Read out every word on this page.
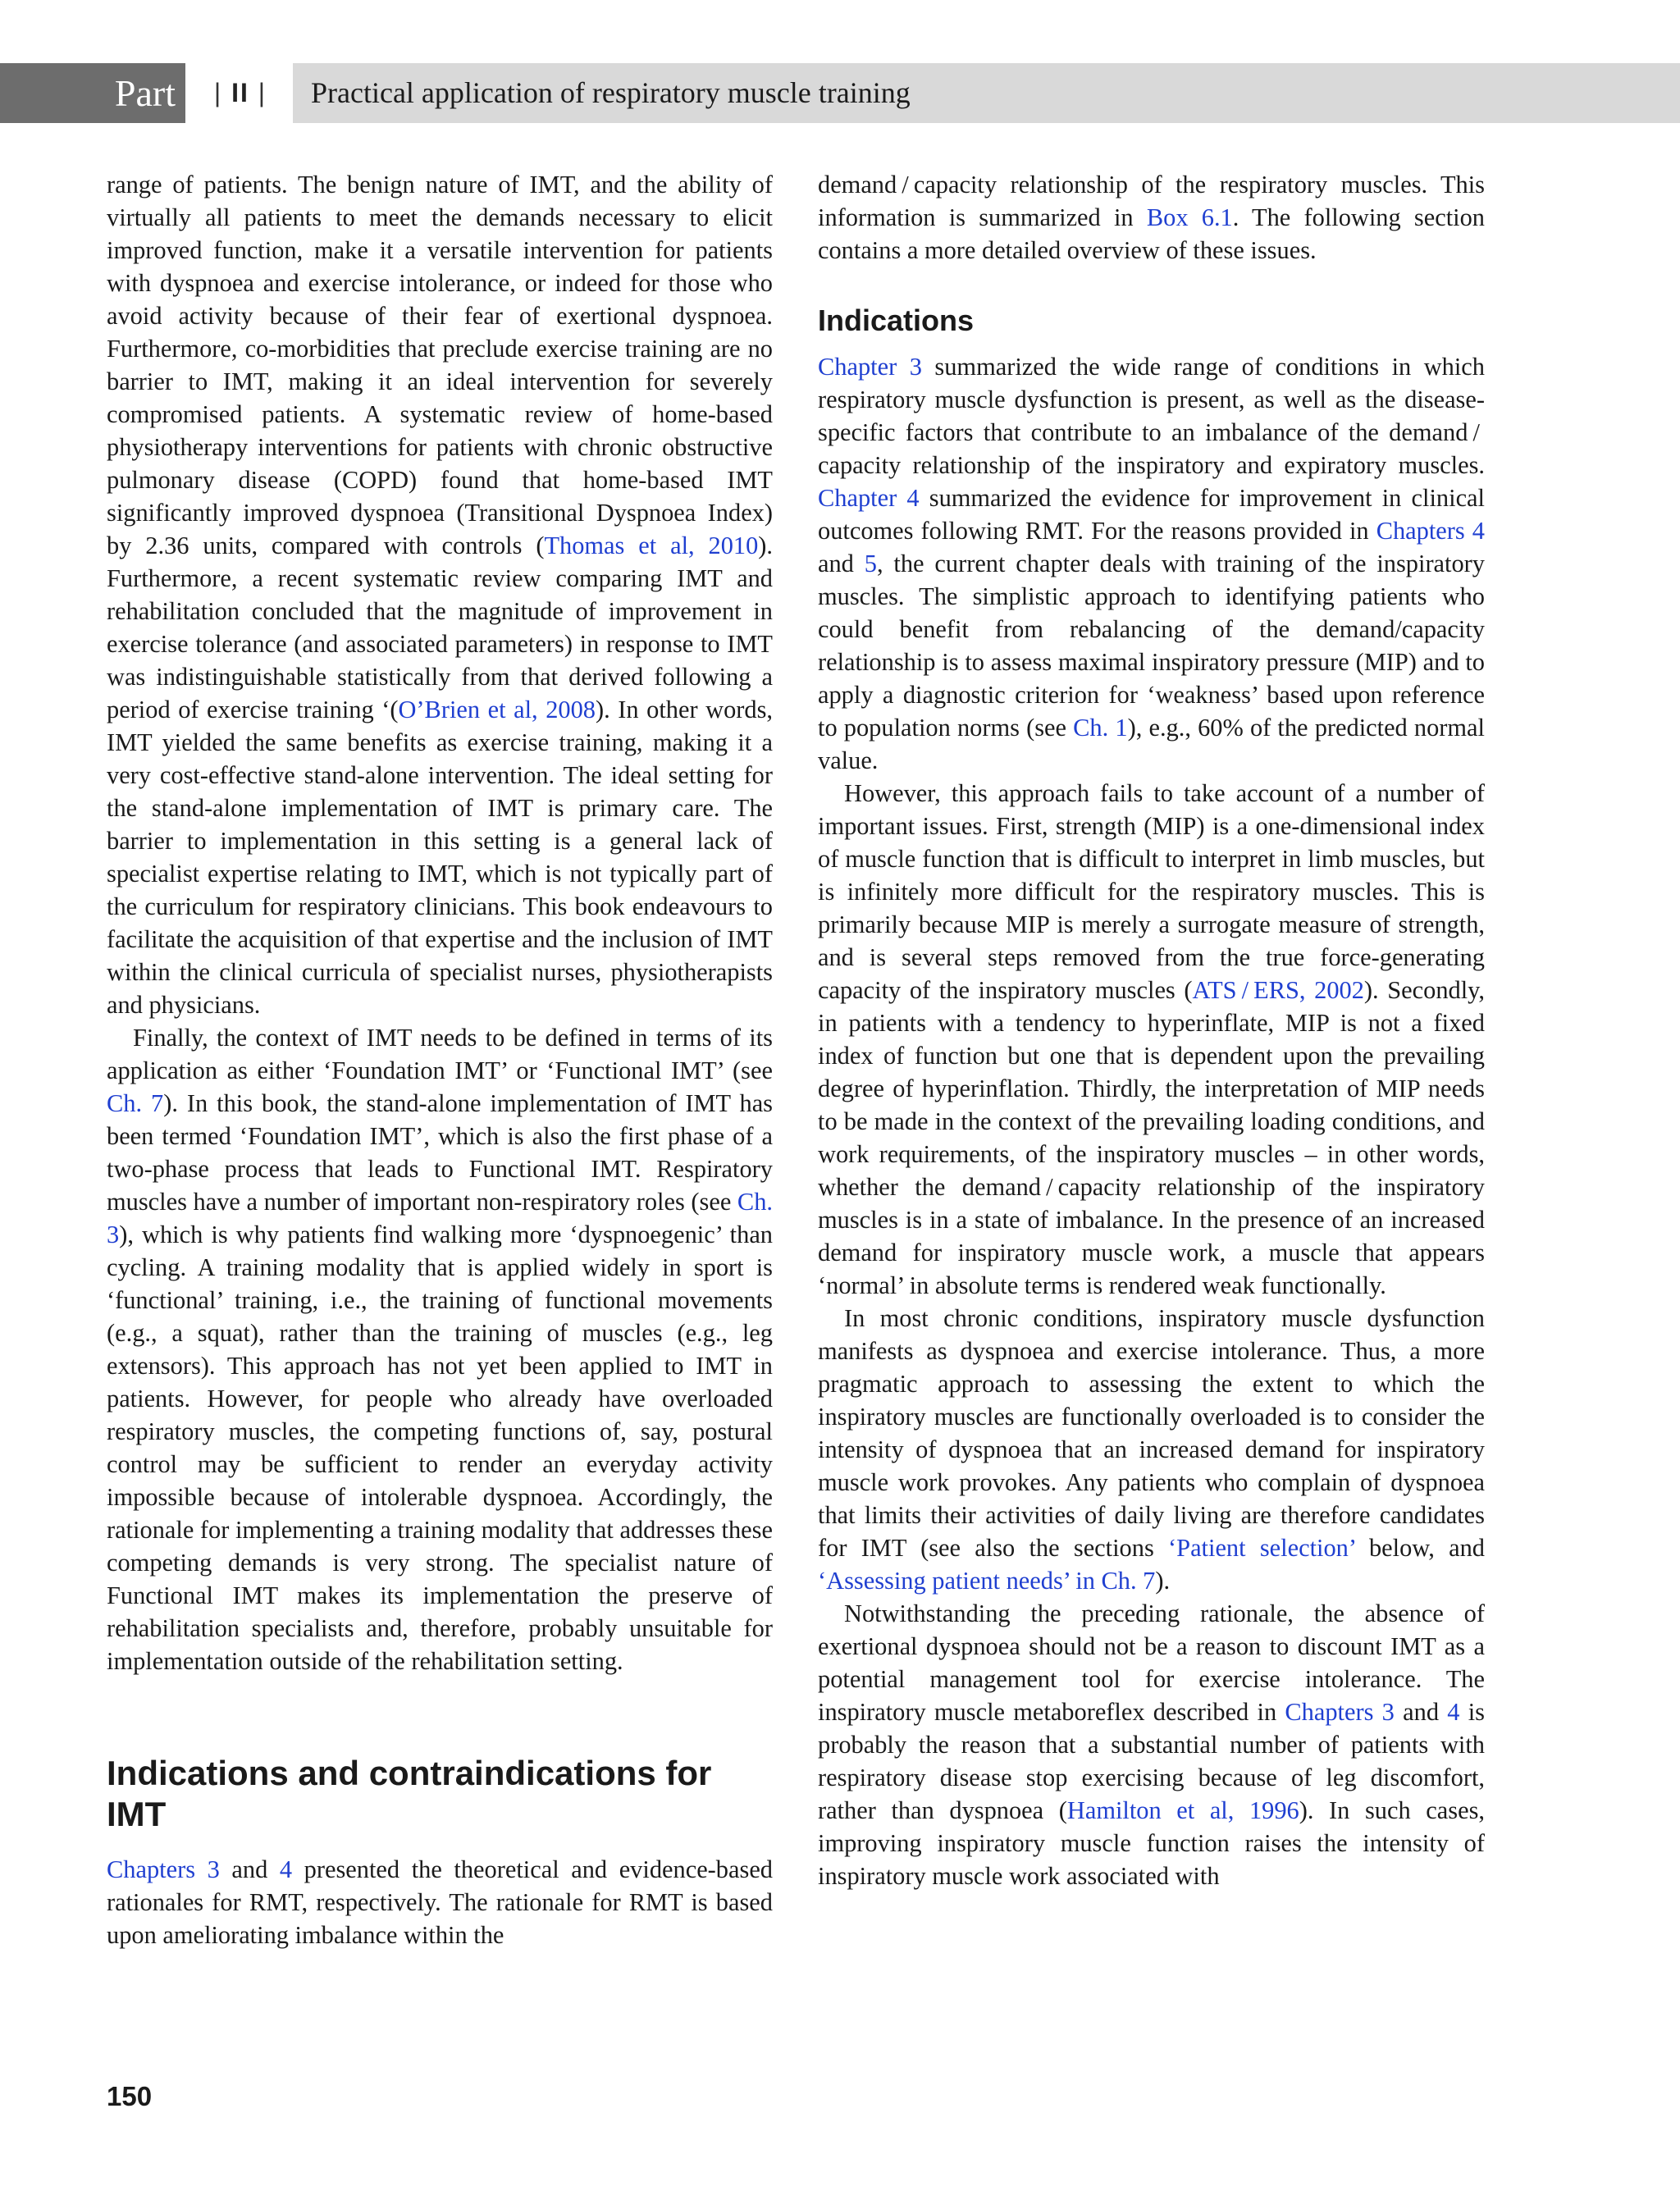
Part	| II |	Practical application of respiratory muscle training

range of patients. The benign nature of IMT, and the ability of virtually all patients to meet the demands necessary to elicit improved function, make it a versatile intervention for patients with dyspnoea and exercise intolerance, or indeed for those who avoid activity because of their fear of exertional dyspnoea. Furthermore, co-morbidities that preclude exercise training are no barrier to IMT, making it an ideal intervention for severely compromised patients. A systematic review of home-based physiotherapy interventions for patients with chronic obstructive pulmonary disease (COPD) found that home-based IMT significantly improved dyspnoea (Transitional Dyspnoea Index) by 2.36 units, compared with controls (Thomas et al, 2010). Furthermore, a recent systematic review comparing IMT and rehabilitation concluded that the magnitude of improvement in exercise tolerance (and associated parameters) in response to IMT was indistinguishable statistically from that derived following a period of exercise training ‘(O’Brien et al, 2008). In other words, IMT yielded the same benefits as exercise training, making it a very cost-effective stand-alone intervention. The ideal setting for the stand-alone implementation of IMT is primary care. The barrier to implementation in this setting is a general lack of specialist expertise relating to IMT, which is not typically part of the curriculum for respiratory clinicians. This book endeavours to facilitate the acquisition of that expertise and the inclusion of IMT within the clinical curricula of specialist nurses, physiotherapists and physicians.

Finally, the context of IMT needs to be defined in terms of its application as either ‘Foundation IMT’ or ‘Functional IMT’ (see Ch. 7). In this book, the stand-alone implementation of IMT has been termed ‘Foundation IMT’, which is also the first phase of a two-phase process that leads to Functional IMT. Respiratory muscles have a number of important non-respiratory roles (see Ch. 3), which is why patients find walking more ‘dyspnoegenic’ than cycling. A training modality that is applied widely in sport is ‘functional’ training, i.e., the training of functional movements (e.g., a squat), rather than the training of muscles (e.g., leg extensors). This approach has not yet been applied to IMT in patients. However, for people who already have overloaded respiratory muscles, the competing functions of, say, postural control may be sufficient to render an everyday activity impossible because of intolerable dyspnoea. Accordingly, the rationale for implementing a training modality that addresses these competing demands is very strong. The specialist nature of Functional IMT makes its implementation the preserve of rehabilitation specialists and, therefore, probably unsuitable for implementation outside of the rehabilitation setting.

Indications and contraindications for IMT

Chapters 3 and 4 presented the theoretical and evidence-based rationales for RMT, respectively. The rationale for RMT is based upon ameliorating imbalance within the

demand / capacity relationship of the respiratory muscles. This information is summarized in Box 6.1. The following section contains a more detailed overview of these issues.

Indications

Chapter 3 summarized the wide range of conditions in which respiratory muscle dysfunction is present, as well as the disease-specific factors that contribute to an imbalance of the demand / capacity relationship of the inspiratory and expiratory muscles. Chapter 4 summarized the evidence for improvement in clinical outcomes following RMT. For the reasons provided in Chapters 4 and 5, the current chapter deals with training of the inspiratory muscles. The simplistic approach to identifying patients who could benefit from rebalancing of the demand/capacity relationship is to assess maximal inspiratory pressure (MIP) and to apply a diagnostic criterion for ‘weakness’ based upon reference to population norms (see Ch. 1), e.g., 60% of the predicted normal value.

However, this approach fails to take account of a number of important issues. First, strength (MIP) is a one-dimensional index of muscle function that is difficult to interpret in limb muscles, but is infinitely more difficult for the respiratory muscles. This is primarily because MIP is merely a surrogate measure of strength, and is several steps removed from the true force-generating capacity of the inspiratory muscles (ATS / ERS, 2002). Secondly, in patients with a tendency to hyperinflate, MIP is not a fixed index of function but one that is dependent upon the prevailing degree of hyperinflation. Thirdly, the interpretation of MIP needs to be made in the context of the prevailing loading conditions, and work requirements, of the inspiratory muscles – in other words, whether the demand / capacity relationship of the inspiratory muscles is in a state of imbalance. In the presence of an increased demand for inspiratory muscle work, a muscle that appears ‘normal’ in absolute terms is rendered weak functionally.

In most chronic conditions, inspiratory muscle dysfunction manifests as dyspnoea and exercise intolerance. Thus, a more pragmatic approach to assessing the extent to which the inspiratory muscles are functionally overloaded is to consider the intensity of dyspnoea that an increased demand for inspiratory muscle work provokes. Any patients who complain of dyspnoea that limits their activities of daily living are therefore candidates for IMT (see also the sections ‘Patient selection’ below, and ‘Assessing patient needs’ in Ch. 7).

Notwithstanding the preceding rationale, the absence of exertional dyspnoea should not be a reason to discount IMT as a potential management tool for exercise intolerance. The inspiratory muscle metaboreflex described in Chapters 3 and 4 is probably the reason that a substantial number of patients with respiratory disease stop exercising because of leg discomfort, rather than dyspnoea (Hamilton et al, 1996). In such cases, improving inspiratory muscle function raises the intensity of inspiratory muscle work associated with

150
